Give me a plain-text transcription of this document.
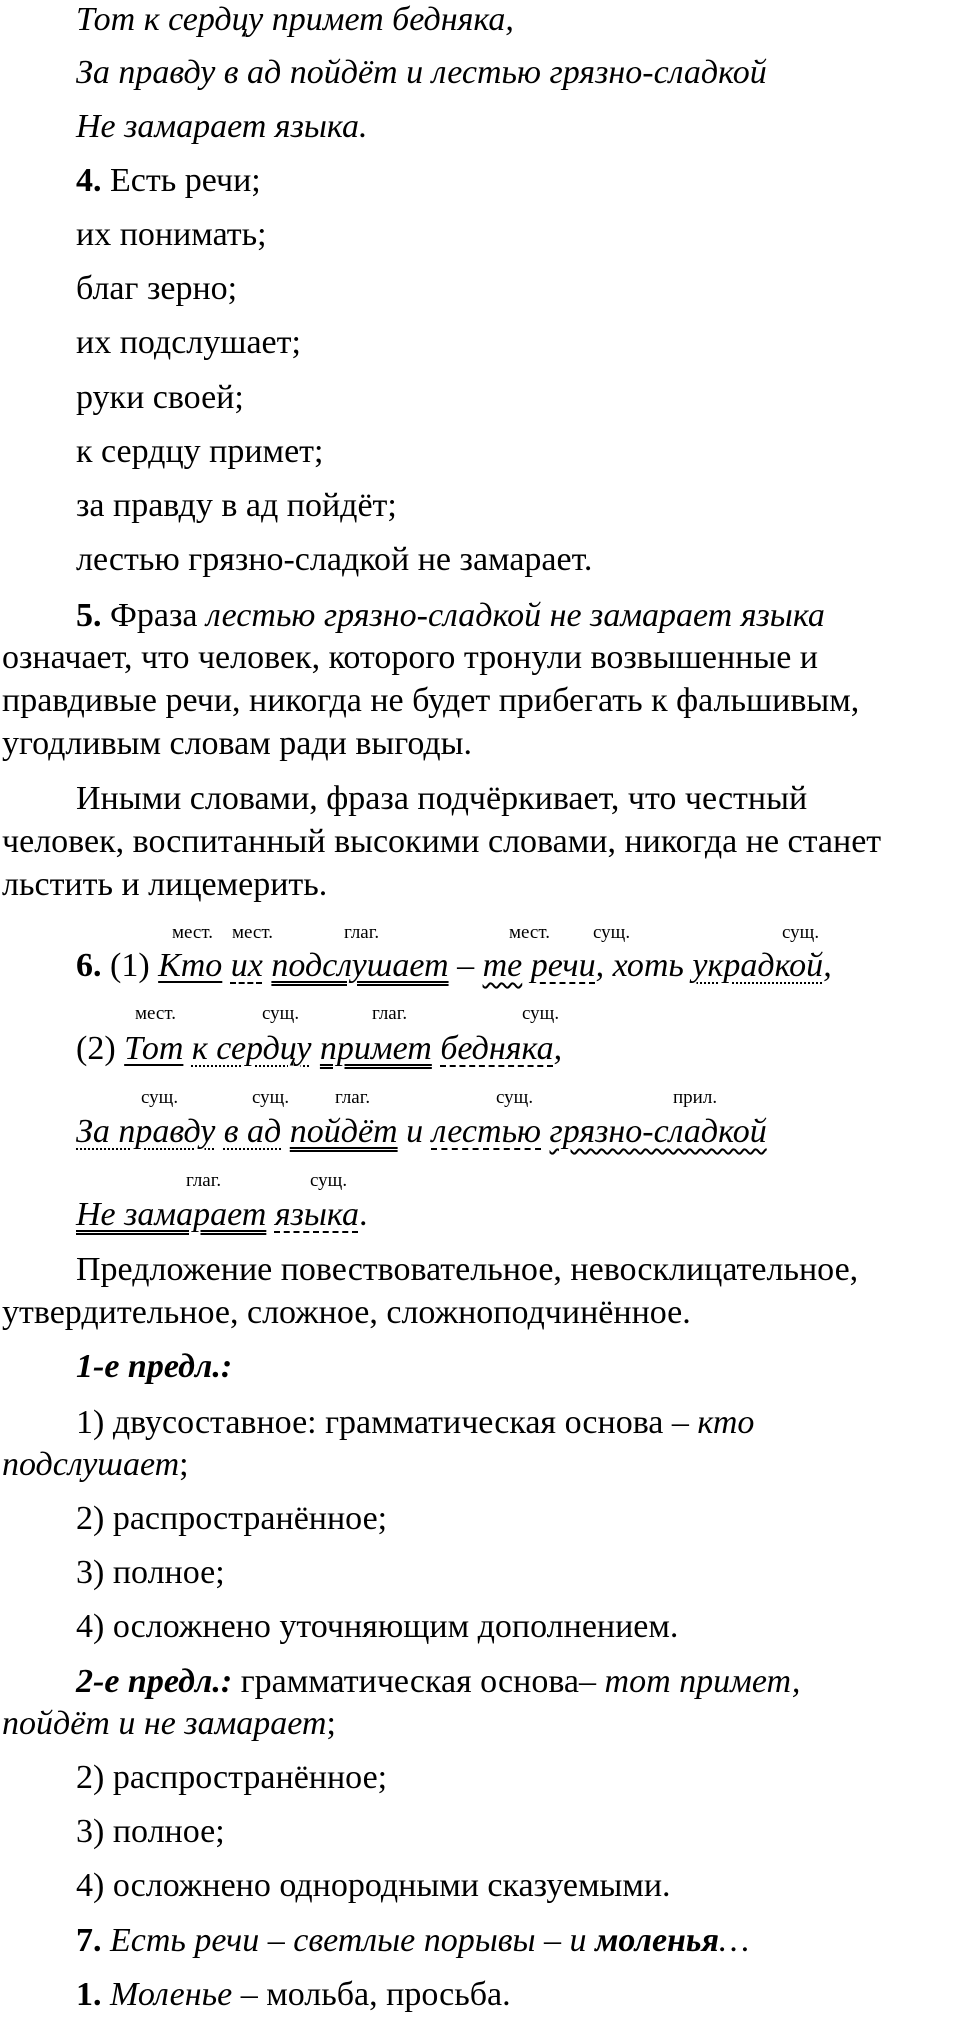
Тот к сердцу примет бедняка,
За правду в ад пойдёт и лестью грязно-сладкой
Не замарает языка.
4. Есть речи;
их понимать;
благ зерно;
их подслушает;
руки своей;
к сердцу примет;
за правду в ад пойдёт;
лестью грязно-сладкой не замарает.
5. Фраза лестью грязно-сладкой не замарает языка
означает, что человек, которого тронули возвышенные и
правдивые речи, никогда не будет прибегать к фальшивым,
угодливым словам ради выгоды.
Иными словами, фраза подчёркивает, что честный
человек, воспитанный высокими словами, никогда не станет
льстить и лицемерить.
мест. мест.	глаг.	мест. сущ.	сущ.
6. (1) Кто их подслушает – те речи, хоть украдкой,
мест.	сущ.	глаг.	сущ.
(2) Тот к сердцу примет бедняка,
сущ.	сущ. глаг.	сущ.	прил.
За правду в ад пойдёт и лестью грязно-сладкой
глаг.	сущ.
Не замарает языка.
Предложение повествовательное, невосклицательное,
утвердительное, сложное, сложноподчинённое.
1-е предл.:
1) двусоставное: грамматическая основа – кто
подслушает;
2) распространённое;
3) полное;
4) осложнено уточняющим дополнением.
2-е предл.: грамматическая основа– тот примет,
пойдёт и не замарает;
2) распространённое;
3) полное;
4) осложнено однородными сказуемыми.
7. Есть речи – светлые порывы – и моленья…
1. Моленье – мольба, просьба.
